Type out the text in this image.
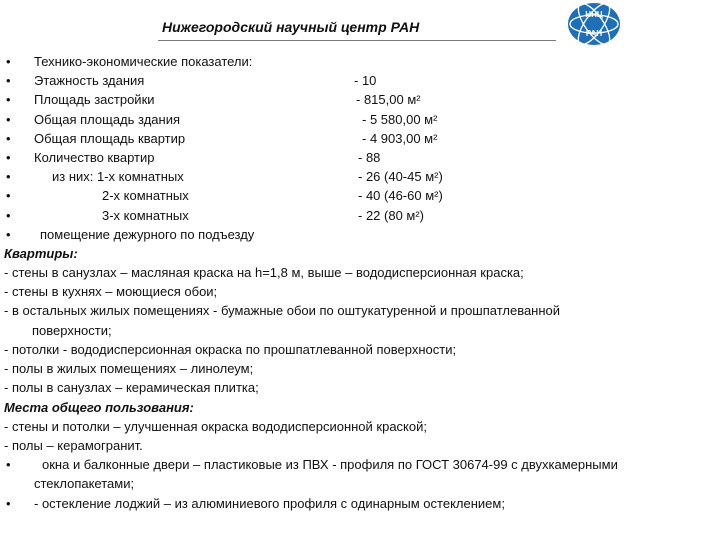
Нижегородский научный центр РАН
ННЦ
РАН
• Технико-экономические показатели:
• Этажность здания	- 10
• Площадь застройки	- 815,00 м²
• Общая площадь здания	- 5 580,00 м²
• Общая площадь квартир	- 4 903,00 м²
• Количество квартир	- 88
•	из них: 1-х комнатных	- 26 (40-45 м²)
•	2-х комнатных	- 40 (46-60 м²)
•	3-х комнатных	- 22 (80 м²)
• помещение дежурного по подъезду
Квартиры:
- стены в санузлах – масляная краска на h=1,8 м, выше – вододисперсионная краска;
- стены в кухнях – моющиеся обои;
- в остальных жилых помещениях - бумажные обои по оштукатуренной и прошпатлеванной
поверхности;
- потолки - вододисперсионная окраска по прошпатлеванной поверхности;
- полы в жилых помещениях – линолеум;
- полы в санузлах – керамическая плитка;
Места общего пользования:
- стены и потолки – улучшенная окраска вододисперсионной краской;
- полы – керамогранит.
•	окна и балконные двери – пластиковые из ПВХ - профиля по ГОСТ 30674-99 с двухкамерными
стеклопакетами;
•	- остекление лоджий – из алюминиевого профиля с одинарным остеклением;
